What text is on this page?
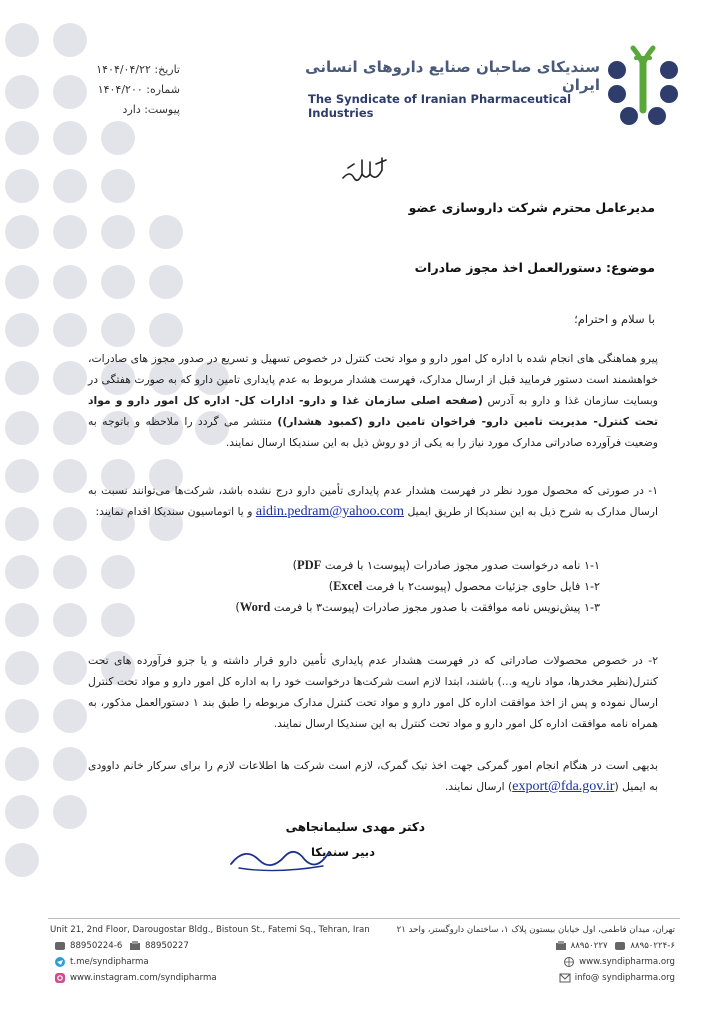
تاریخ: ۱۴۰۴/۰۴/۲۲
شماره: ۱۴۰۴/۲۰۰
پیوست: دارد
سندیکای صاحبان صنایع داروهای انسانی ایران
The Syndicate of Iranian Pharmaceutical Industries
مدیرعامل محترم شرکت داروسازی عضو
موضوع: دستورالعمل اخذ مجوز صادرات
با سلام و احترام؛
پیرو هماهنگی های انجام شده با اداره کل امور دارو و مواد تحت کنترل در خصوص تسهیل و تسریع در صدور مجوز های صادرات، خواهشمند است دستور فرمایید قبل از ارسال مدارک، فهرست هشدار مربوط به عدم پایداری تامین دارو که به صورت هفتگی در وبسایت سازمان غذا و دارو به آدرس (صفحه اصلی سازمان غذا و دارو- ادارات کل- اداره کل امور دارو و مواد تحت کنترل- مدیریت تامین دارو- فراخوان تامین دارو (کمبود هشدار)) منتشر می گردد را ملاحظه و باتوجه به وضعیت فرآورده صادراتی مدارک مورد نیاز را به یکی از دو روش ذیل به این سندیکا ارسال نمایند.
۱- در صورتی که محصول مورد نظر در فهرست هشدار عدم پایداری تأمین دارو درج نشده باشد، شرکت‌ها می‌توانند نسبت به ارسال مدارک به شرح ذیل به این سندیکا از طریق ایمیل aidin.pedram@yahoo.com و یا اتوماسیون سندیکا اقدام نمایند:
۱-۱ نامه درخواست صدور مجوز صادرات (پیوست۱ با فرمت PDF)
۱-۲ فایل حاوی جزئیات محصول (پیوست۲ با فرمت Excel)
۱-۳ پیش‌نویس نامه موافقت با صدور مجوز صادرات (پیوست۳ با فرمت Word)
۲- در خصوص محصولات صادراتی که در فهرست هشدار عدم پایداری تأمین دارو قرار داشته و یا جزو فرآورده های تحت کنترل(نظیر مخدرها، مواد نارپه و...) باشند، ابتدا لازم است شرکت‌ها درخواست خود را به اداره کل امور دارو و مواد تحت کنترل ارسال نموده و پس از اخذ موافقت اداره کل امور دارو و مواد تحت کنترل مدارک مربوطه را طبق بند ۱ دستورالعمل مذکور، به همراه نامه موافقت اداره کل امور دارو و مواد تحت کنترل به این سندیکا ارسال نمایند.
بدیهی است در هنگام انجام امور گمرکی جهت اخذ تیک گمرک، لازم است شرکت ها اطلاعات لازم را برای سرکار خانم داوودی به ایمیل (export@fda.gov.ir) ارسال نمایند.
دکتر مهدی سلیمانجاهی
دبیر سندیکا
Unit 21, 2nd Floor, Darougostar Bldg., Bistoun St., Fatemi Sq., Tehran, Iran
88950224-6	88950227
t.me/syndipharma
www.instagram.com/syndipharma
تهران، میدان فاطمی، اول خیابان بیستون پلاک ۱، ساختمان داروگستر، واحد ۲۱
۸۸۹۵۰۲۲۴-۶ ۸۸۹۵۰۲۲۷
www.syndipharma.org
info@ syndipharma.org
